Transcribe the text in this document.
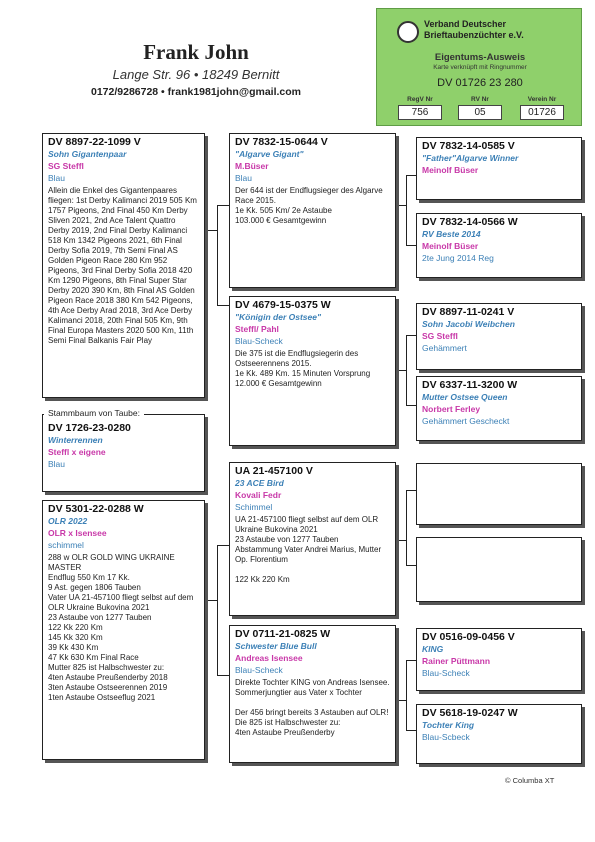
Frank John
Lange Str. 96 • 18249 Bernitt
0172/9286728 • frank1981john@gmail.com
Verband Deutscher
Brieftaubenzüchter e.V.
Eigentums-Ausweis
Karte verknüpft mit Ringnummer
DV 01726 23 280
RegV Nr	RV Nr	Verein Nr
756	05	01726
DV 8897-22-1099 V
Sohn Gigantenpaar
SG Steffl
Blau
Allein die Enkel des Gigantenpaares fliegen: 1st Derby Kalimanci 2019 505 Km 1757 Pigeons, 2nd Final 450 Km Derby Sliven 2021, 2nd Ace Talent Quattro Derby 2019, 2nd Final Derby Kalimanci 518 Km 1342 Pigeons 2021, 6th Final Derby Sofia 2019, 7th Semi Final AS Golden Pigeon Race 280 Km 952 Pigeons, 3rd Final Derby Sofia 2018 420 Km 1290 Pigeons, 8th Final Super Star Derby 2020 390 Km, 8th Final AS Golden Pigeon Race 2018 380 Km 542 Pigeons, 4th Ace Derby Arad 2018, 3rd Ace Derby Kalimanci 2018, 20th Final 505 Km, 9th Final Europa Masters 2020 500 Km, 11th Semi Final Balkanis Fair Play
DV 1726-23-0280
Winterrennen
Steffl x eigene
Blau
Stammbaum von Taube:
DV 5301-22-0288 W
OLR 2022
OLR x Isensee
schimmel
288 w OLR GOLD WING UKRAINE MASTER
Endflug 550 Km 17 Kk.
9 Ast. gegen 1806 Tauben
Vater UA 21-457100 fliegt selbst auf dem OLR Ukraine Bukovina 2021
23 Astaube von 1277 Tauben
122 Kk 220 Km
145 Kk 320 Km
39 Kk 430 Km
47 Kk 630 Km Final Race
Mutter 825 ist Halbschwester zu:
4ten Astaube Preußenderby 2018
3ten Astaube Ostseerennen 2019
1ten Astaube Ostseeflug 2021
DV 7832-15-0644 V
"Algarve Gigant"
M.Büser
Blau
Der 644 ist der Endflugsieger des Algarve Race 2015.
1e Kk. 505 Km/ 2e Astaube
103.000 € Gesamtgewinn
DV 4679-15-0375 W
"Königin der Ostsee"
Steffl/ Pahl
Blau-Scheck
Die 375 ist die Endflugsiegerin des
Ostseerennens 2015.
1e Kk. 489 Km. 15 Minuten Vorsprung
12.000 € Gesamtgewinn
UA 21-457100 V
23 ACE Bird
Kovali Fedr
Schimmel
UA 21-457100 fliegt selbst auf dem OLR Ukraine Bukovina 2021
23 Astaube von 1277 Tauben
Abstammung Vater Andrei Marius, Mutter Op. Florentium

122 Kk 220 Km
DV 0711-21-0825 W
Schwester Blue Bull
Andreas Isensee
Blau-Scheck
Direkte Tochter KING von Andreas Isensee.
Sommerjungtier aus Vater x Tochter

Der 456 bringt bereits 3 Astauben auf OLR!
Die 825 ist Halbschwester zu:
4ten Astaube Preußenderby
DV 7832-14-0585 V
"Father"Algarve Winner
Meinolf Büser
DV 7832-14-0566 W
RV Beste 2014
Meinolf Büser
2te Jung 2014 Reg
DV 8897-11-0241 V
Sohn Jacobi Weibchen
SG Steffl
Gehämmert
DV 6337-11-3200 W
Mutter Ostsee Queen
Norbert Ferley
Gehämmert Gescheckt
DV 0516-09-0456 V
KING
Rainer Püttmann
Blau-Scheck
DV 5618-19-0247 W
Tochter King
Blau-Scbeck
© Columba XT
